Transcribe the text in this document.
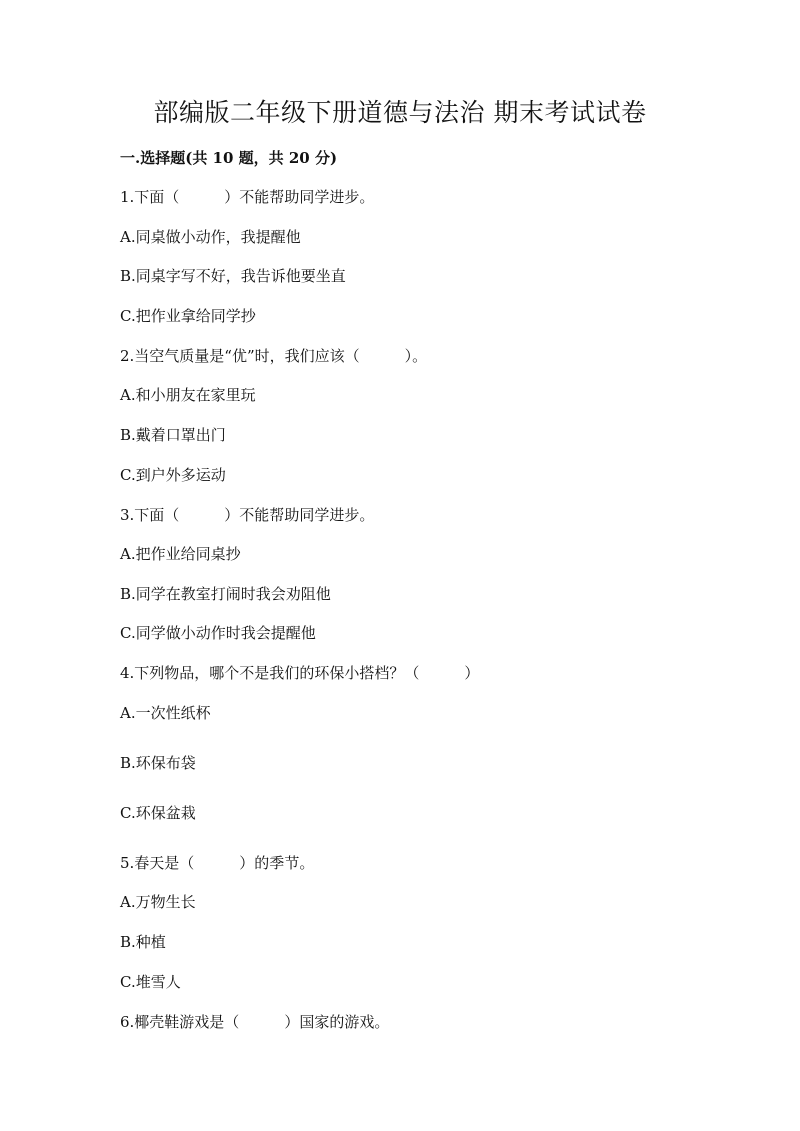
部编版二年级下册道德与法治 期末考试试卷
一.选择题(共 10 题，共 20 分)
1.下面（　　　）不能帮助同学进步。
A.同桌做小动作，我提醒他
B.同桌字写不好，我告诉他要坐直
C.把作业拿给同学抄
2.当空气质量是“优”时，我们应该（　　　）。
A.和小朋友在家里玩
B.戴着口罩出门
C.到户外多运动
3.下面（　　　）不能帮助同学进步。
A.把作业给同桌抄
B.同学在教室打闹时我会劝阻他
C.同学做小动作时我会提醒他
4.下列物品，哪个不是我们的环保小搭档？（　　　）
A.一次性纸杯
B.环保布袋
C.环保盆栽
5.春天是（　　　）的季节。
A.万物生长
B.种植
C.堆雪人
6.椰壳鞋游戏是（　　　）国家的游戏。
